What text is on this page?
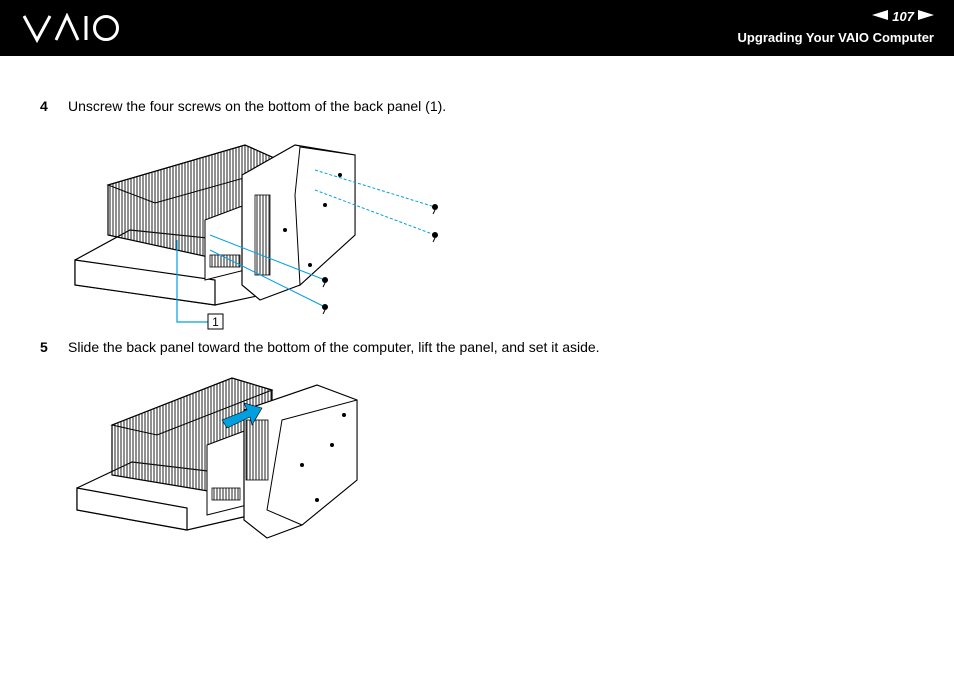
107
Upgrading Your VAIO Computer
4	Unscrew the four screws on the bottom of the back panel (1).
1
5	Slide the back panel toward the bottom of the computer, lift the panel, and set it aside.
